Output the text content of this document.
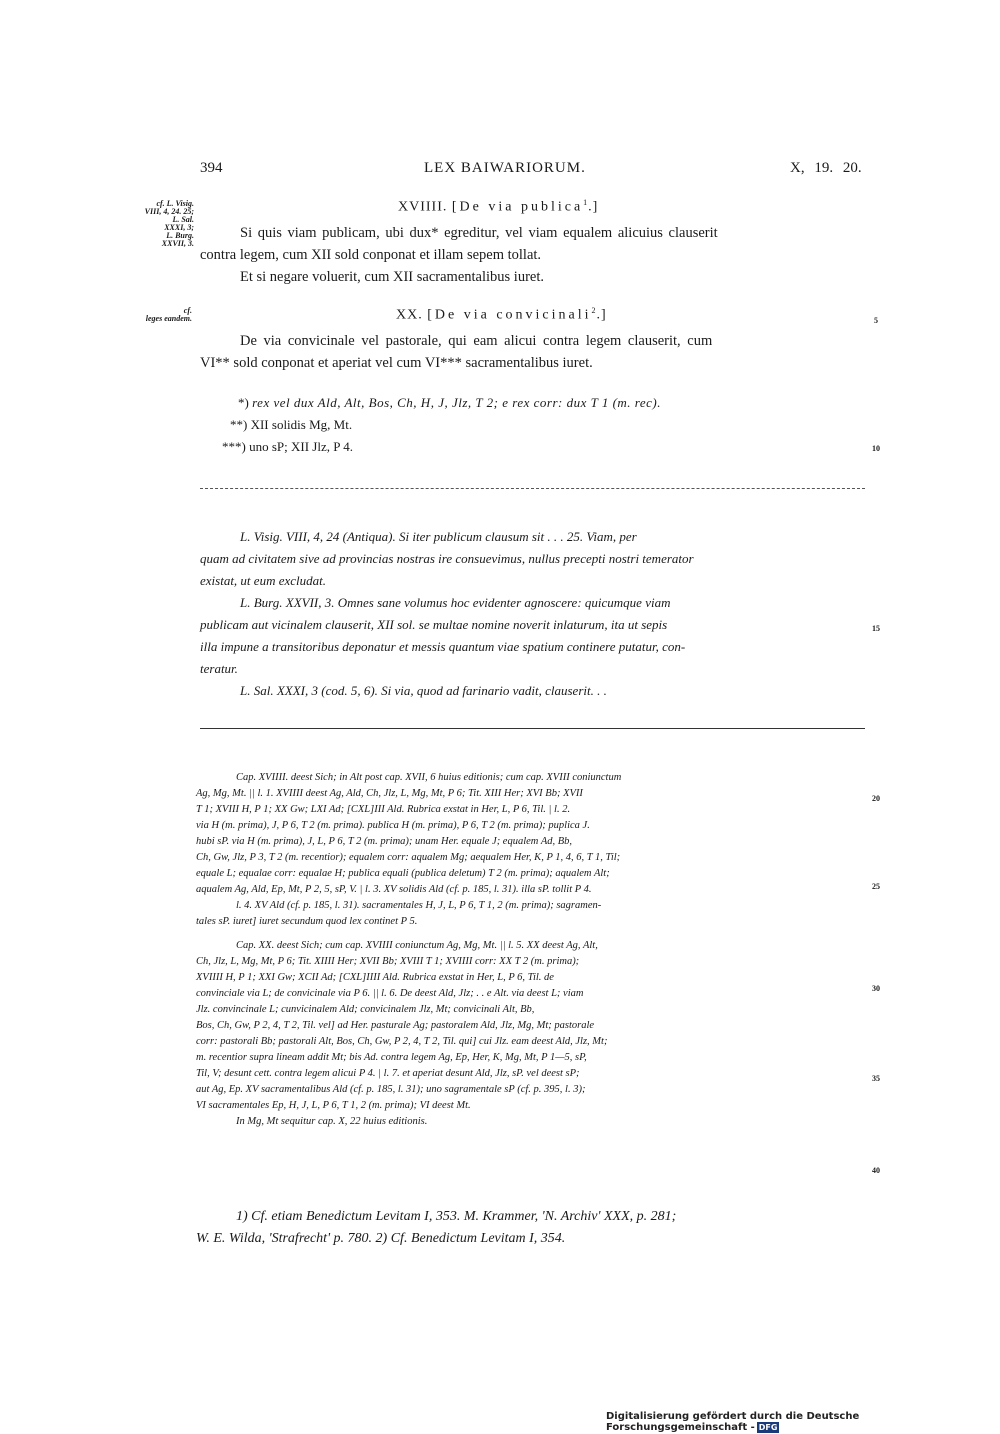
394	LEX BAIWARIORUM.	X, 19. 20.
cf. L. Visig.
VIII, 4, 24. 25;
L. Sal.
XXXI, 3;
L. Burg.
XXVII, 3.
cf.
leges eandem.
XVIIII. [De via publica$^1$.]
Si quis viam publicam, ubi dux* egreditur, vel viam equalem alicuius clauserit
contra legem, cum XII sold conponat et illam sepem tollat.
Et si negare voluerit, cum XII sacramentalibus iuret.
XX. [De via convicinali$^2$.]
De via convicinale vel pastorale, qui eam alicui contra legem clauserit, cum
VI** sold conponat et aperiat vel cum VI*** sacramentalibus iuret.
5
10
15
20
25
30
35
40
*) rex vel dux Ald, Alt, Bos, Ch, H, J, Jlz, T 2; e rex corr: dux T 1 (m. rec).
**) XII solidis Mg, Mt.
***) uno sP; XII Jlz, P 4.
L. Visig. VIII, 4, 24 (Antiqua). Si iter publicum clausum sit . . . 25. Viam, per
quam ad civitatem sive ad provincias nostras ire consuevimus, nullus precepti nostri temerator
existat, ut eum excludat.
L. Burg. XXVII, 3. Omnes sane volumus hoc evidenter agnoscere: quicumque viam
publicam aut vicinalem clauserit, XII sol. se multae nomine noverit inlaturum, ita ut sepis
illa impune a transitoribus deponatur et messis quantum viae spatium continere putatur, con-
teratur.
L. Sal. XXXI, 3 (cod. 5, 6). Si via, quod ad farinario vadit, clauserit. . .
Cap. XVIIII. deest Sich; in Alt post cap. XVII, 6 huius editionis; cum cap. XVIII coniunctum
Ag, Mg, Mt. || l. 1. XVIIII deest Ag, Ald, Ch, Jlz, L, Mg, Mt, P 6; Tit. XIII Her; XVI Bb; XVII
T 1; XVIII H, P 1; XX Gw; LXI Ad; [CXL]III Ald. Rubrica exstat in Her, L, P 6, Til. | l. 2.
via H (m. prima), J, P 6, T 2 (m. prima). publica H (m. prima), P 6, T 2 (m. prima); puplica J.
hubi sP. via H (m. prima), J, L, P 6, T 2 (m. prima); unam Her. equale J; equalem Ad, Bb,
Ch, Gw, Jlz, P 3, T 2 (m. recentior); equalem corr: aqualem Mg; aequalem Her, K, P 1, 4, 6, T 1, Til;
equale L; equalae corr: equalae H; publica equali (publica deletum) T 2 (m. prima); aqualem Alt;
aqualem Ag, Ald, Ep, Mt, P 2, 5, sP, V. | l. 3. XV solidis Ald (cf. p. 185, l. 31). illa sP. tollit P 4.
l. 4. XV Ald (cf. p. 185, l. 31). sacramentales H, J, L, P 6, T 1, 2 (m. prima); sagramen-
tales sP. iuret] iuret secundum quod lex continet P 5.
Cap. XX. deest Sich; cum cap. XVIIII coniunctum Ag, Mg, Mt. || l. 5. XX deest Ag, Alt,
Ch, Jlz, L, Mg, Mt, P 6; Tit. XIIII Her; XVII Bb; XVIII T 1; XVIIII corr: XX T 2 (m. prima);
XVIIII H, P 1; XXI Gw; XCII Ad; [CXL]IIII Ald. Rubrica exstat in Her, L, P 6, Til. de
convinciale via L; de convicinale via P 6. || l. 6. De deest Ald, Jlz; . . e Alt. via deest L; viam
Jlz. convincinale L; cunvicinalem Ald; convicinalem Jlz, Mt; convicinali Alt, Bb,
Bos, Ch, Gw, P 2, 4, T 2, Til. vel] ad Her. pasturale Ag; pastoralem Ald, Jlz, Mg, Mt; pastorale
corr: pastorali Bb; pastorali Alt, Bos, Ch, Gw, P 2, 4, T 2, Til. qui] cui Jlz. eam deest Ald, Jlz, Mt;
m. recentior supra lineam addit Mt; bis Ad. contra legem Ag, Ep, Her, K, Mg, Mt, P 1—5, sP,
Til, V; desunt cett. contra legem alicui P 4. | l. 7. et aperiat desunt Ald, Jlz, sP. vel deest sP;
aut Ag, Ep. XV sacramentalibus Ald (cf. p. 185, l. 31); uno sagramentale sP (cf. p. 395, l. 3);
VI sacramentales Ep, H, J, L, P 6, T 1, 2 (m. prima); VI deest Mt.
In Mg, Mt sequitur cap. X, 22 huius editionis.
1) Cf. etiam Benedictum Levitam I, 353. M. Krammer, 'N. Archiv' XXX, p. 281;
W. E. Wilda, 'Strafrecht' p. 780. 2) Cf. Benedictum Levitam I, 354.
Digitalisierung gefördert durch die Deutsche Forschungsgemeinschaft - DFG
